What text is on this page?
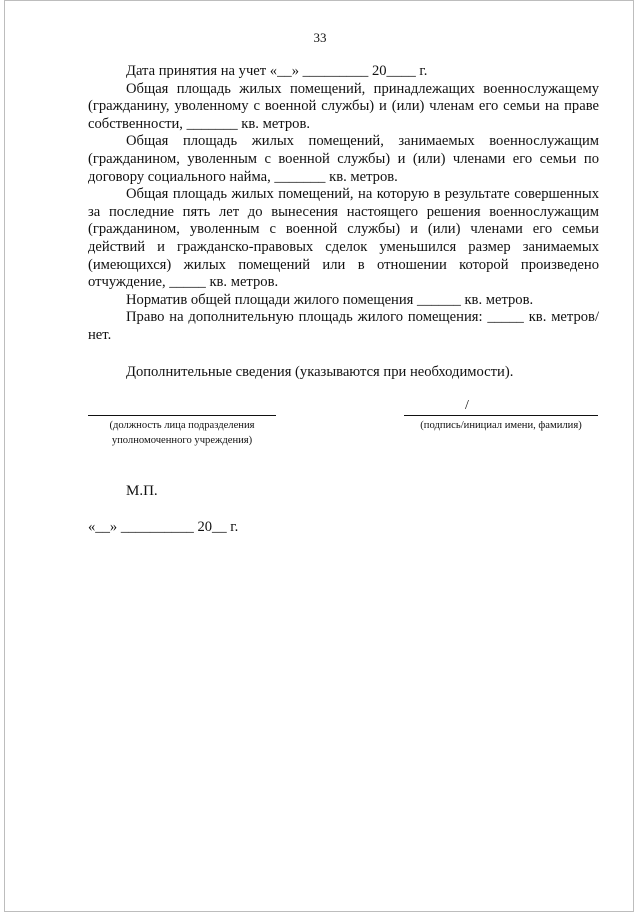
33

Дата принятия на учет «__» _________ 20____ г.

Общая площадь жилых помещений, принадлежащих военнослужащему (гражданину, уволенному с военной службы) и (или) членам его семьи на праве собственности, _______ кв. метров.

Общая площадь жилых помещений, занимаемых военнослужащим (гражданином, уволенным с военной службы) и (или) членами его семьи по договору социального найма, _______ кв. метров.

Общая площадь жилых помещений, на которую в результате совершенных за последние пять лет до вынесения настоящего решения военнослужащим (гражданином, уволенным с военной службы) и (или) членами его семьи действий и гражданско-правовых сделок уменьшился размер занимаемых (имеющихся) жилых помещений или в отношении которой произведено отчуждение, _____ кв. метров.

Норматив общей площади жилого помещения ______ кв. метров.

Право на дополнительную площадь жилого помещения: _____ кв. метров/нет.

Дополнительные сведения (указываются при необходимости).
(должность лица подразделения
уполномоченного учреждения)
/
(подпись/инициал имени, фамилия)
М.П.
«__» __________ 20__ г.
